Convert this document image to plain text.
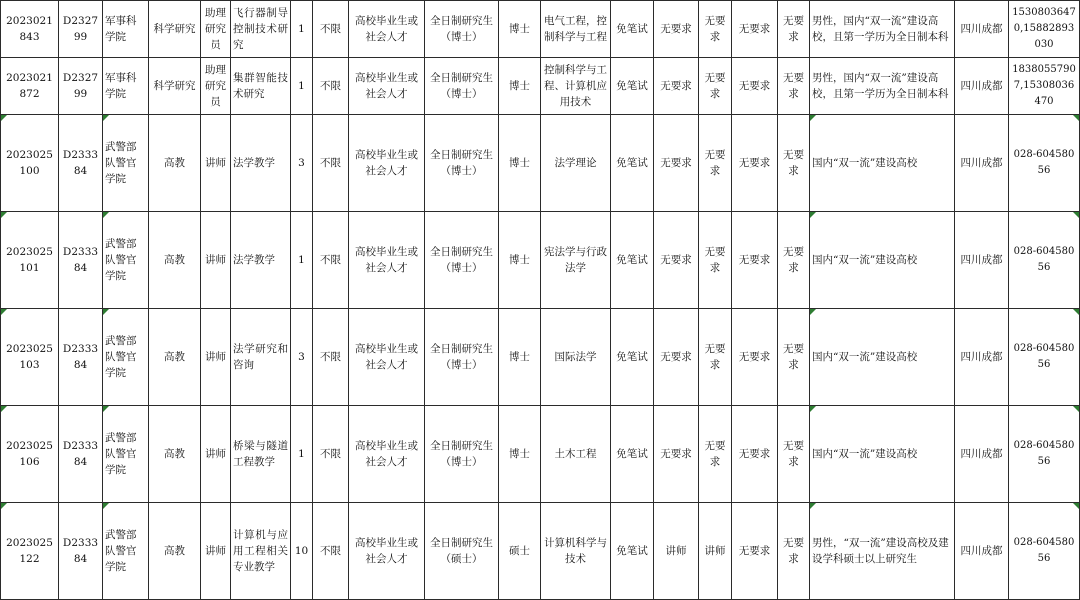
2023021843	D232799	军事科学院	科学研究	助理研究员	飞行器制导控制技术研究	1	不限	高校毕业生或社会人才	全日制研究生（博士）	博士	电气工程，控制科学与工程	免笔试	无要求	无要求	无要求	无要求	男性，国内“双一流”建设高校，且第一学历为全日制本科	四川成都	15308036470,15882893030
2023021872	D232799	军事科学院	科学研究	助理研究员	集群智能技术研究	1	不限	高校毕业生或社会人才	全日制研究生（博士）	博士	控制科学与工程、计算机应用技术	免笔试	无要求	无要求	无要求	无要求	男性，国内“双一流”建设高校，且第一学历为全日制本科	四川成都	18380557907,15308036470
2023025100	D233384	武警部队警官学院	高教	讲师	法学教学	3	不限	高校毕业生或社会人才	全日制研究生（博士）	博士	法学理论	免笔试	无要求	无要求	无要求	无要求	国内“双一流”建设高校	四川成都	028-60458056
2023025101	D233384	武警部队警官学院	高教	讲师	法学教学	1	不限	高校毕业生或社会人才	全日制研究生（博士）	博士	宪法学与行政法学	免笔试	无要求	无要求	无要求	无要求	国内“双一流”建设高校	四川成都	028-60458056
2023025103	D233384	武警部队警官学院	高教	讲师	法学研究和咨询	3	不限	高校毕业生或社会人才	全日制研究生（博士）	博士	国际法学	免笔试	无要求	无要求	无要求	无要求	国内“双一流”建设高校	四川成都	028-60458056
2023025106	D233384	武警部队警官学院	高教	讲师	桥梁与隧道工程教学	1	不限	高校毕业生或社会人才	全日制研究生（博士）	博士	土木工程	免笔试	无要求	无要求	无要求	无要求	国内“双一流”建设高校	四川成都	028-60458056
2023025122	D233384	武警部队警官学院	高教	讲师	计算机与应用工程相关专业教学	10	不限	高校毕业生或社会人才	全日制研究生（硕士）	硕士	计算机科学与技术	免笔试	讲师	讲师	无要求	无要求	男性，“双一流”建设高校及建设学科硕士以上研究生	四川成都	028-60458056
